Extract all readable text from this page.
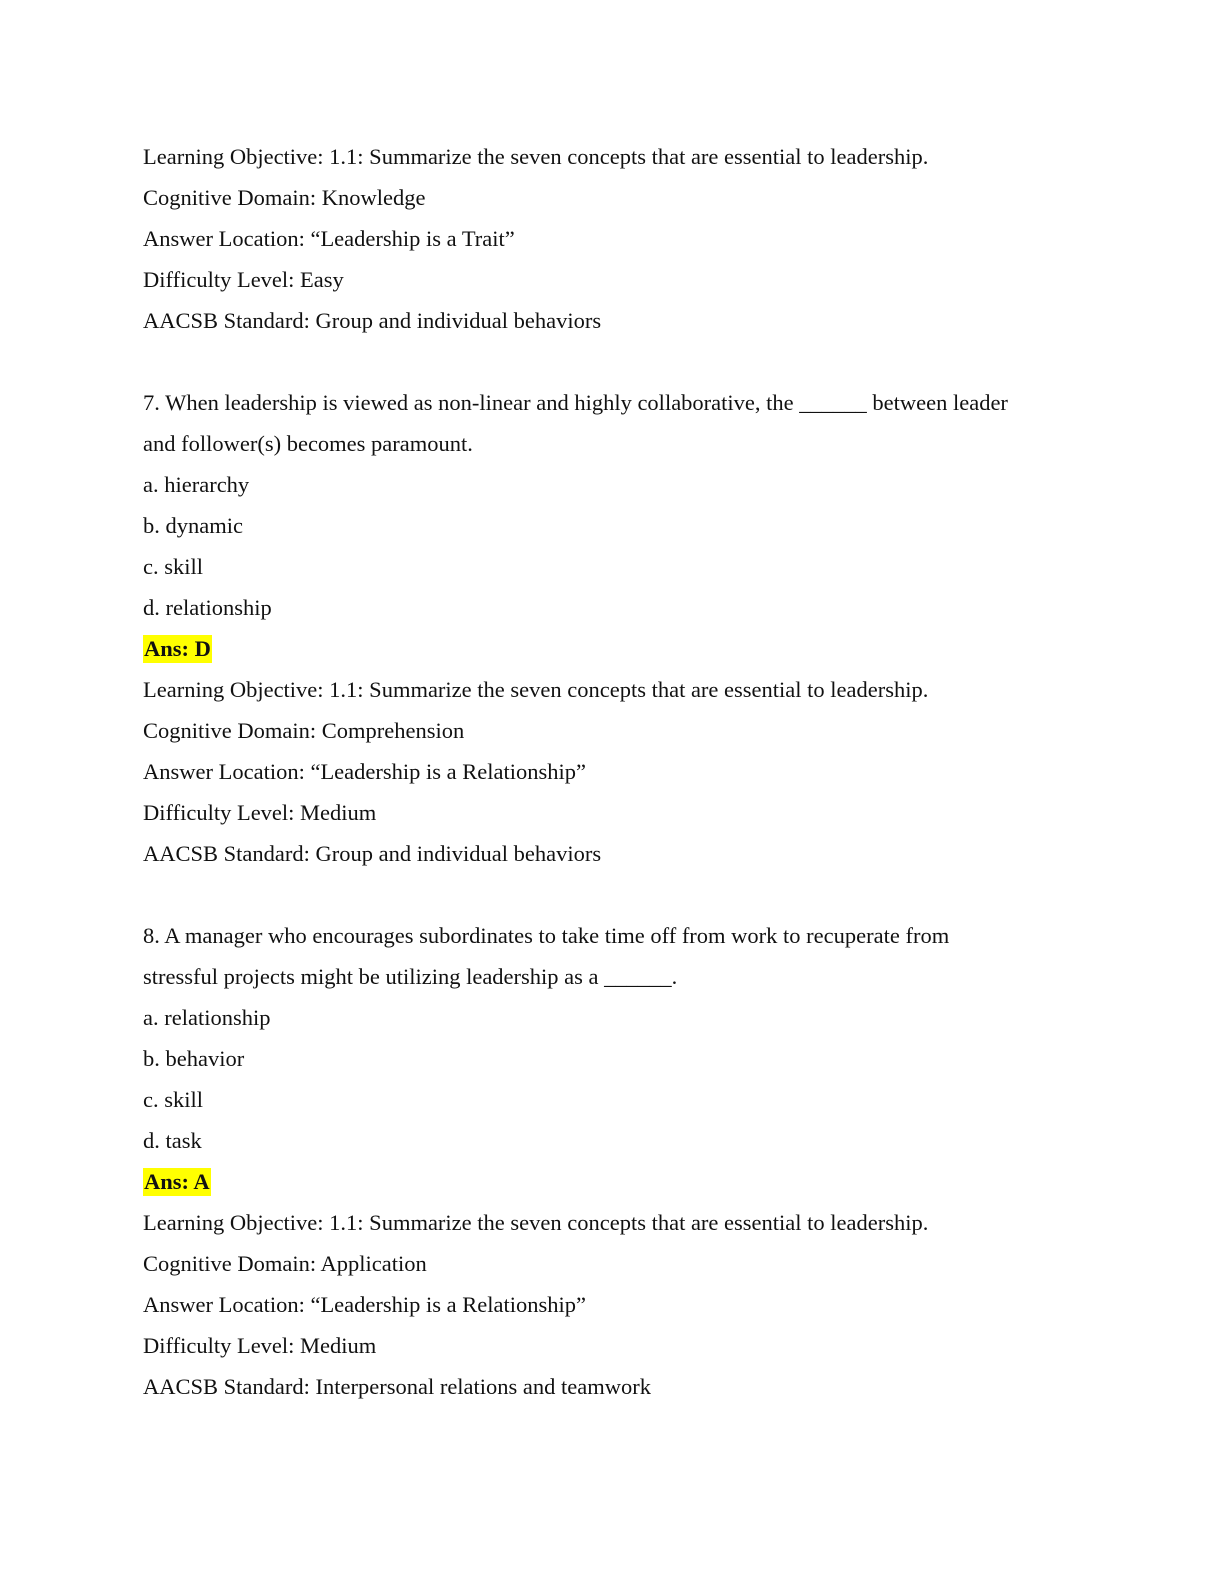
Learning Objective: 1.1: Summarize the seven concepts that are essential to leadership.
Cognitive Domain: Knowledge
Answer Location: “Leadership is a Trait”
Difficulty Level: Easy
AACSB Standard: Group and individual behaviors
7. When leadership is viewed as non-linear and highly collaborative, the ______ between leader
and follower(s) becomes paramount.
a. hierarchy
b. dynamic
c. skill
d. relationship
Ans: D
Learning Objective: 1.1: Summarize the seven concepts that are essential to leadership.
Cognitive Domain: Comprehension
Answer Location: “Leadership is a Relationship”
Difficulty Level: Medium
AACSB Standard: Group and individual behaviors
8. A manager who encourages subordinates to take time off from work to recuperate from
stressful projects might be utilizing leadership as a ______.
a. relationship
b. behavior
c. skill
d. task
Ans: A
Learning Objective: 1.1: Summarize the seven concepts that are essential to leadership.
Cognitive Domain: Application
Answer Location: “Leadership is a Relationship”
Difficulty Level: Medium
AACSB Standard: Interpersonal relations and teamwork
